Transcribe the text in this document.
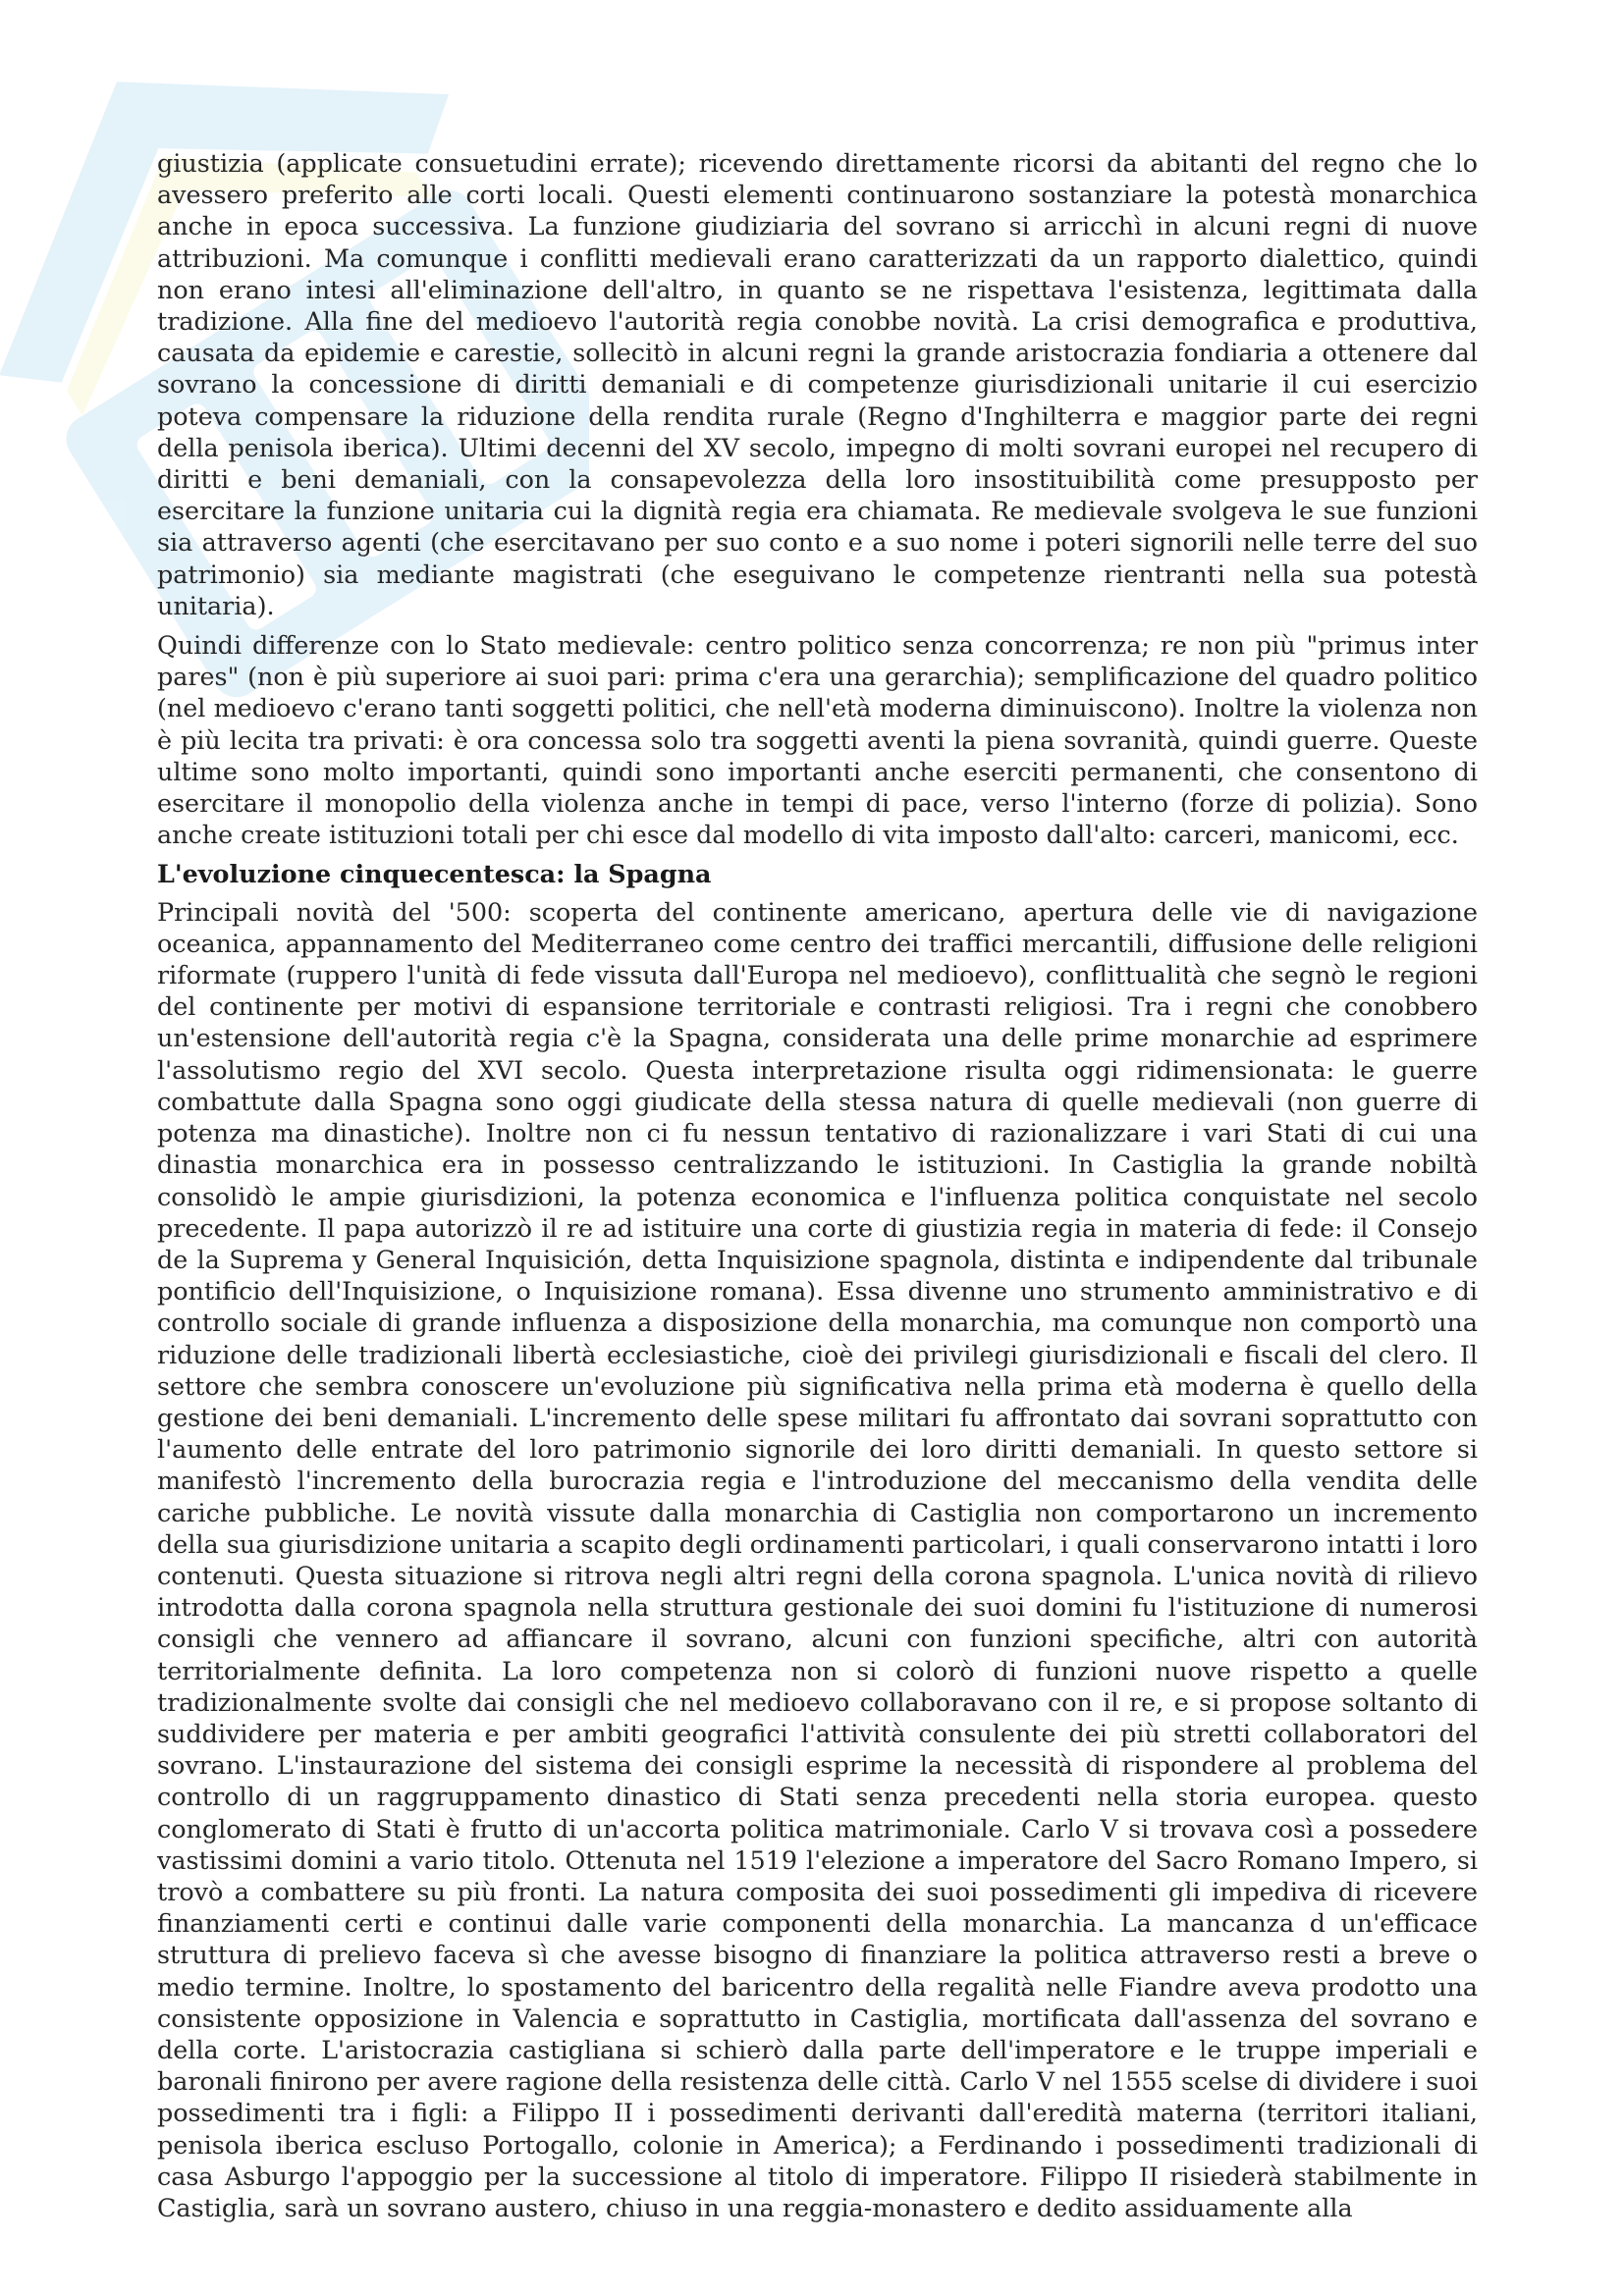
giustizia (applicate consuetudini errate); ricevendo direttamente ricorsi da abitanti del regno che lo avessero preferito alle corti locali. Questi elementi continuarono sostanziare la potestà monarchica anche in epoca successiva. La funzione giudiziaria del sovrano si arricchì in alcuni regni di nuove attribuzioni. Ma comunque i conflitti medievali erano caratterizzati da un rapporto dialettico, quindi non erano intesi all'eliminazione dell'altro, in quanto se ne rispettava l'esistenza, legittimata dalla tradizione. Alla fine del medioevo l'autorità regia conobbe novità. La crisi demografica e produttiva, causata da epidemie e carestie, sollecitò in alcuni regni la grande aristocrazia fondiaria a ottenere dal sovrano la concessione di diritti demaniali e di competenze giurisdizionali unitarie il cui esercizio poteva compensare la riduzione della rendita rurale (Regno d'Inghilterra e maggior parte dei regni della penisola iberica). Ultimi decenni del XV secolo, impegno di molti sovrani europei nel recupero di diritti e beni demaniali, con la consapevolezza della loro insostituibilità come presupposto per esercitare la funzione unitaria cui la dignità regia era chiamata. Re medievale svolgeva le sue funzioni sia attraverso agenti (che esercitavano per suo conto e a suo nome i poteri signorili nelle terre del suo patrimonio) sia mediante magistrati (che eseguivano le competenze rientranti nella sua potestà unitaria).

Quindi differenze con lo Stato medievale: centro politico senza concorrenza; re non più "primus inter pares" (non è più superiore ai suoi pari: prima c'era una gerarchia); semplificazione del quadro politico (nel medioevo c'erano tanti soggetti politici, che nell'età moderna diminuiscono). Inoltre la violenza non è più lecita tra privati: è ora concessa solo tra soggetti aventi la piena sovranità, quindi guerre. Queste ultime sono molto importanti, quindi sono importanti anche eserciti permanenti, che consentono di esercitare il monopolio della violenza anche in tempi di pace, verso l'interno (forze di polizia). Sono anche create istituzioni totali per chi esce dal modello di vita imposto dall'alto: carceri, manicomi, ecc.

L'evoluzione cinquecentesca: la Spagna

Principali novità del '500: scoperta del continente americano, apertura delle vie di navigazione oceanica, appannamento del Mediterraneo come centro dei traffici mercantili, diffusione delle religioni riformate (ruppero l'unità di fede vissuta dall'Europa nel medioevo), conflittualità che segnò le regioni del continente per motivi di espansione territoriale e contrasti religiosi. Tra i regni che conobbero un'estensione dell'autorità regia c'è la Spagna, considerata una delle prime monarchie ad esprimere l'assolutismo regio del XVI secolo. Questa interpretazione risulta oggi ridimensionata: le guerre combattute dalla Spagna sono oggi giudicate della stessa natura di quelle medievali (non guerre di potenza ma dinastiche). Inoltre non ci fu nessun tentativo di razionalizzare i vari Stati di cui una dinastia monarchica era in possesso centralizzando le istituzioni. In Castiglia la grande nobiltà consolidò le ampie giurisdizioni, la potenza economica e l'influenza politica conquistate nel secolo precedente. Il papa autorizzò il re ad istituire una corte di giustizia regia in materia di fede: il Consejo de la Suprema y General Inquisición, detta Inquisizione spagnola, distinta e indipendente dal tribunale pontificio dell'Inquisizione, o Inquisizione romana). Essa divenne uno strumento amministrativo e di controllo sociale di grande influenza a disposizione della monarchia, ma comunque non comportò una riduzione delle tradizionali libertà ecclesiastiche, cioè dei privilegi giurisdizionali e fiscali del clero. Il settore che sembra conoscere un'evoluzione più significativa nella prima età moderna è quello della gestione dei beni demaniali. L'incremento delle spese militari fu affrontato dai sovrani soprattutto con l'aumento delle entrate del loro patrimonio signorile dei loro diritti demaniali. In questo settore si manifestò l'incremento della burocrazia regia e l'introduzione del meccanismo della vendita delle cariche pubbliche. Le novità vissute dalla monarchia di Castiglia non comportarono un incremento della sua giurisdizione unitaria a scapito degli ordinamenti particolari, i quali conservarono intatti i loro contenuti. Questa situazione si ritrova negli altri regni della corona spagnola. L'unica novità di rilievo introdotta dalla corona spagnola nella struttura gestionale dei suoi domini fu l'istituzione di numerosi consigli che vennero ad affiancare il sovrano, alcuni con funzioni specifiche, altri con autorità territorialmente definita. La loro competenza non si colorò di funzioni nuove rispetto a quelle tradizionalmente svolte dai consigli che nel medioevo collaboravano con il re, e si propose soltanto di suddividere per materia e per ambiti geografici l'attività consulente dei più stretti collaboratori del sovrano. L'instaurazione del sistema dei consigli esprime la necessità di rispondere al problema del controllo di un raggruppamento dinastico di Stati senza precedenti nella storia europea. questo conglomerato di Stati è frutto di un'accorta politica matrimoniale. Carlo V si trovava così a possedere vastissimi domini a vario titolo. Ottenuta nel 1519 l'elezione a imperatore del Sacro Romano Impero, si trovò a combattere su più fronti. La natura composita dei suoi possedimenti gli impediva di ricevere finanziamenti certi e continui dalle varie componenti della monarchia. La mancanza d un'efficace struttura di prelievo faceva sì che avesse bisogno di finanziare la politica attraverso resti a breve o medio termine. Inoltre, lo spostamento del baricentro della regalità nelle Fiandre aveva prodotto una consistente opposizione in Valencia e soprattutto in Castiglia, mortificata dall'assenza del sovrano e della corte. L'aristocrazia castigliana si schierò dalla parte dell'imperatore e le truppe imperiali e baronali finirono per avere ragione della resistenza delle città. Carlo V nel 1555 scelse di dividere i suoi possedimenti tra i figli: a Filippo II i possedimenti derivanti dall'eredità materna (territori italiani, penisola iberica escluso Portogallo, colonie in America); a Ferdinando i possedimenti tradizionali di casa Asburgo l'appoggio per la successione al titolo di imperatore. Filippo II risiederà stabilmente in Castiglia, sarà un sovrano austero, chiuso in una reggia-monastero e dedito assiduamente alla
